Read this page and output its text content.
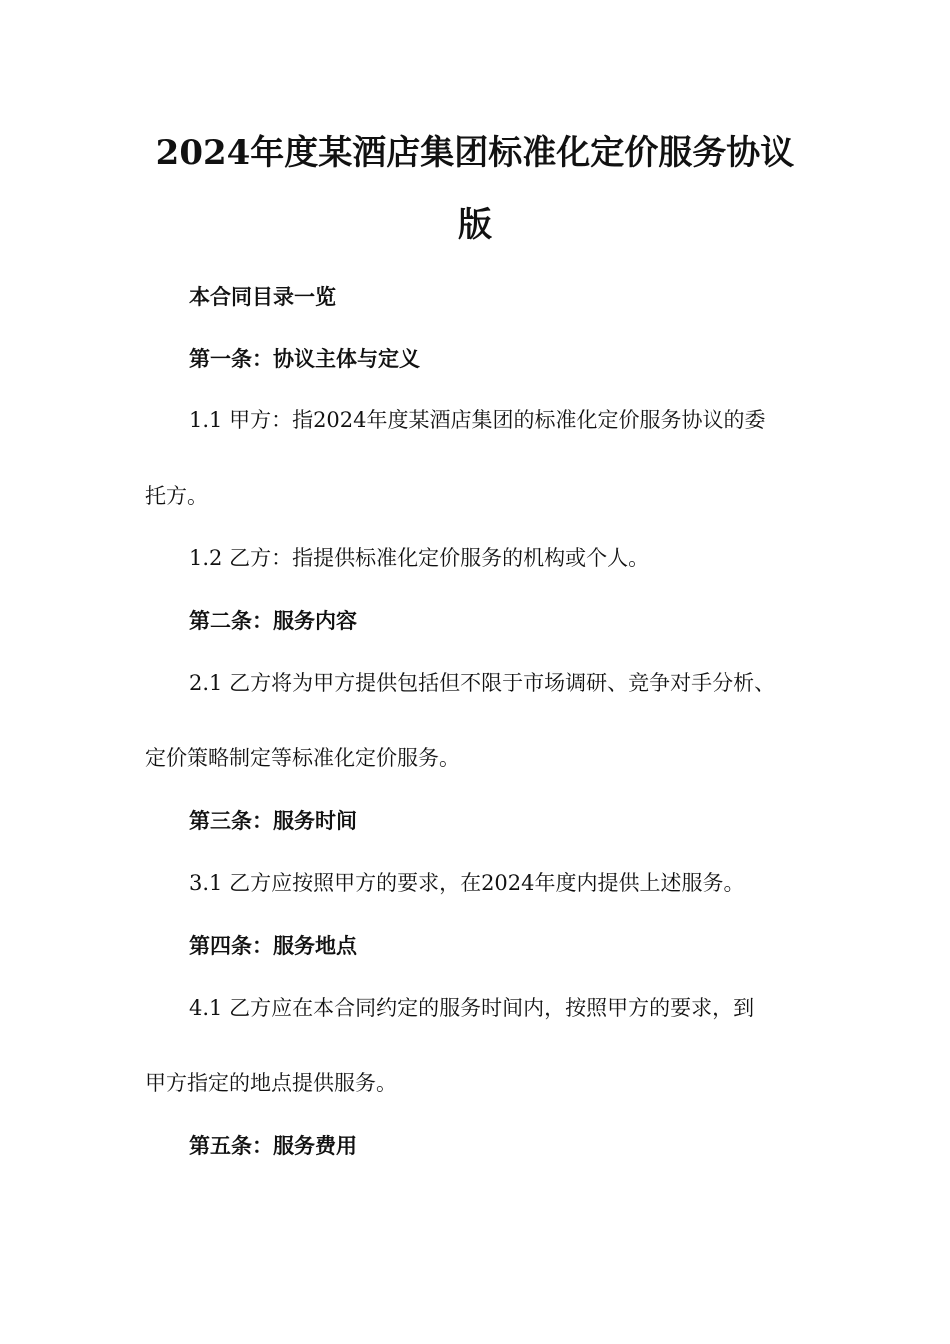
2024年度某酒店集团标准化定价服务协议
版

本合同目录一览

第一条：协议主体与定义

1.1 甲方：指2024年度某酒店集团的标准化定价服务协议的委

托方。

1.2 乙方：指提供标准化定价服务的机构或个人。

第二条：服务内容

2.1 乙方将为甲方提供包括但不限于市场调研、竞争对手分析、

定价策略制定等标准化定价服务。

第三条：服务时间

3.1 乙方应按照甲方的要求，在2024年度内提供上述服务。

第四条：服务地点

4.1 乙方应在本合同约定的服务时间内，按照甲方的要求，到

甲方指定的地点提供服务。

第五条：服务费用
